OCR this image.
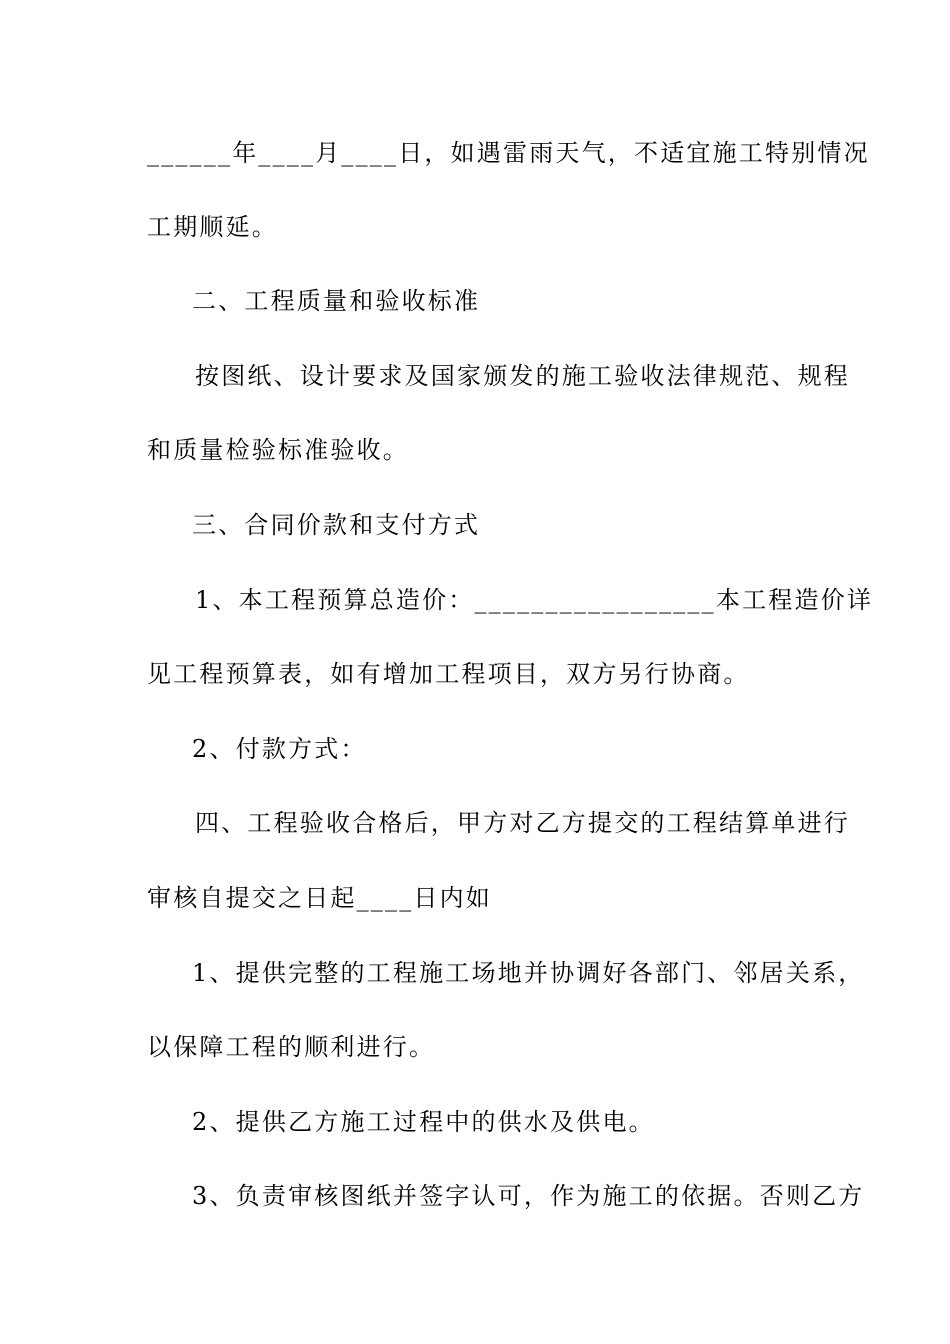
______年____月____日，如遇雷雨天气，不适宜施工特别情况
工期顺延。
二、工程质量和验收标准
按图纸、设计要求及国家颁发的施工验收法律规范、规程
和质量检验标准验收。
三、合同价款和支付方式
1、本工程预算总造价：_________________本工程造价详
见工程预算表，如有增加工程项目，双方另行协商。
2、付款方式：
四、工程验收合格后，甲方对乙方提交的工程结算单进行
审核自提交之日起____日内如
1、提供完整的工程施工场地并协调好各部门、邻居关系，
以保障工程的顺利进行。
2、提供乙方施工过程中的供水及供电。
3、负责审核图纸并签字认可，作为施工的依据。否则乙方
